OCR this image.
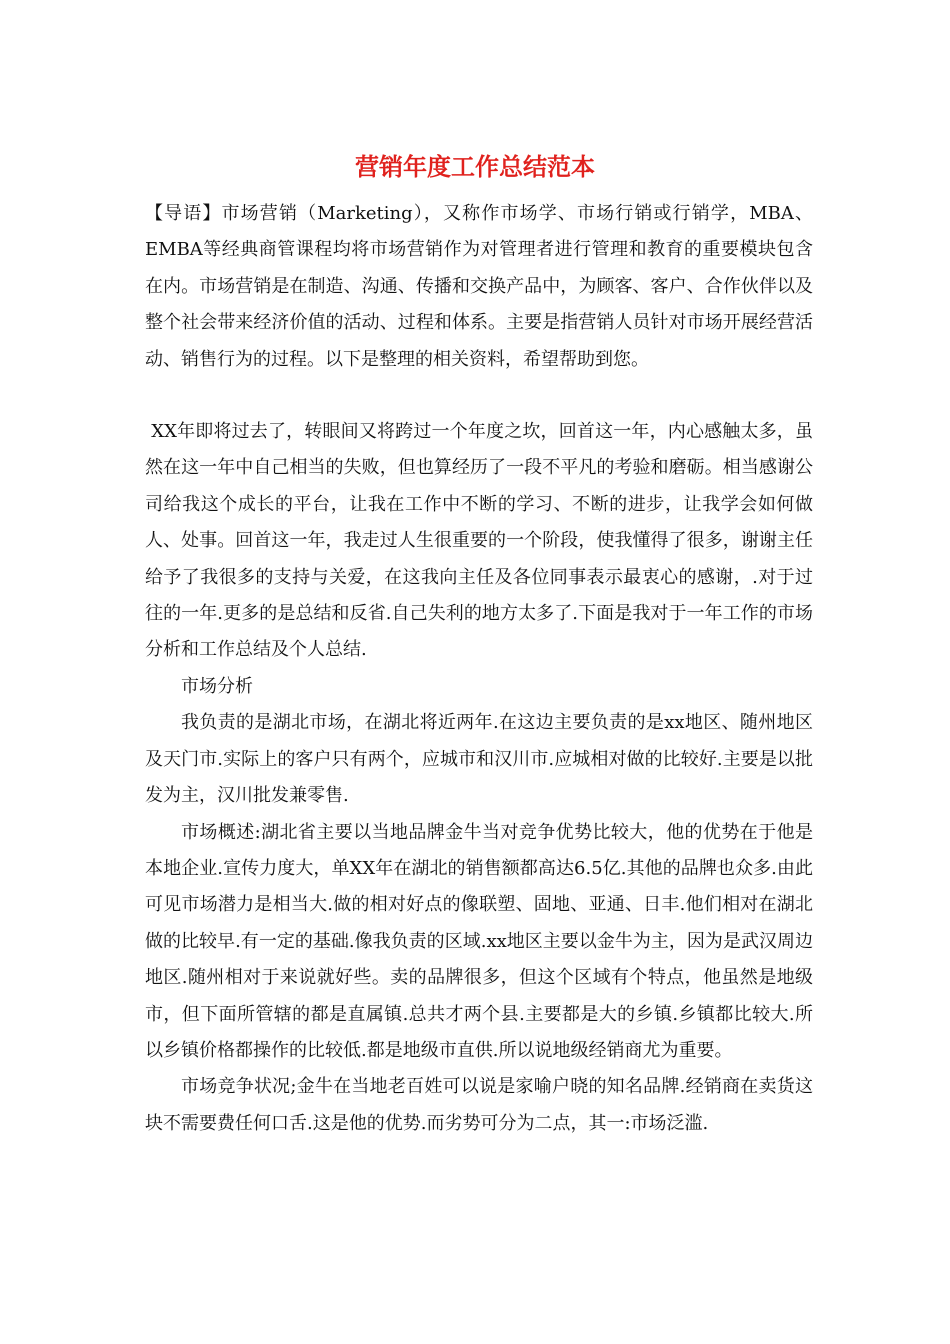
营销年度工作总结范本

【导语】市场营销（Marketing），又称作市场学、市场行销或行销学，MBA、EMBA等经典商管课程均将市场营销作为对管理者进行管理和教育的重要模块包含在内。市场营销是在制造、沟通、传播和交换产品中，为顾客、客户、合作伙伴以及整个社会带来经济价值的活动、过程和体系。主要是指营销人员针对市场开展经营活动、销售行为的过程。以下是整理的相关资料，希望帮助到您。

XX年即将过去了，转眼间又将跨过一个年度之坎，回首这一年，内心感触太多，虽然在这一年中自己相当的失败，但也算经历了一段不平凡的考验和磨砺。相当感谢公司给我这个成长的平台，让我在工作中不断的学习、不断的进步，让我学会如何做人、处事。回首这一年，我走过人生很重要的一个阶段，使我懂得了很多，谢谢主任给予了我很多的支持与关爱，在这我向主任及各位同事表示最衷心的感谢，.对于过往的一年.更多的是总结和反省.自己失利的地方太多了.下面是我对于一年工作的市场分析和工作总结及个人总结.

市场分析

我负责的是湖北市场，在湖北将近两年.在这边主要负责的是xx地区、随州地区及天门市.实际上的客户只有两个，应城市和汉川市.应城相对做的比较好.主要是以批发为主，汉川批发兼零售.

市场概述:湖北省主要以当地品牌金牛当对竞争优势比较大，他的优势在于他是本地企业.宣传力度大，单XX年在湖北的销售额都高达6.5亿.其他的品牌也众多.由此可见市场潜力是相当大.做的相对好点的像联塑、固地、亚通、日丰.他们相对在湖北做的比较早.有一定的基础.像我负责的区域.xx地区主要以金牛为主，因为是武汉周边地区.随州相对于来说就好些。卖的品牌很多，但这个区域有个特点，他虽然是地级市，但下面所管辖的都是直属镇.总共才两个县.主要都是大的乡镇.乡镇都比较大.所以乡镇价格都操作的比较低.都是地级市直供.所以说地级经销商尤为重要。

市场竞争状况;金牛在当地老百姓可以说是家喻户晓的知名品牌.经销商在卖货这块不需要费任何口舌.这是他的优势.而劣势可分为二点，其一:市场泛滥.
